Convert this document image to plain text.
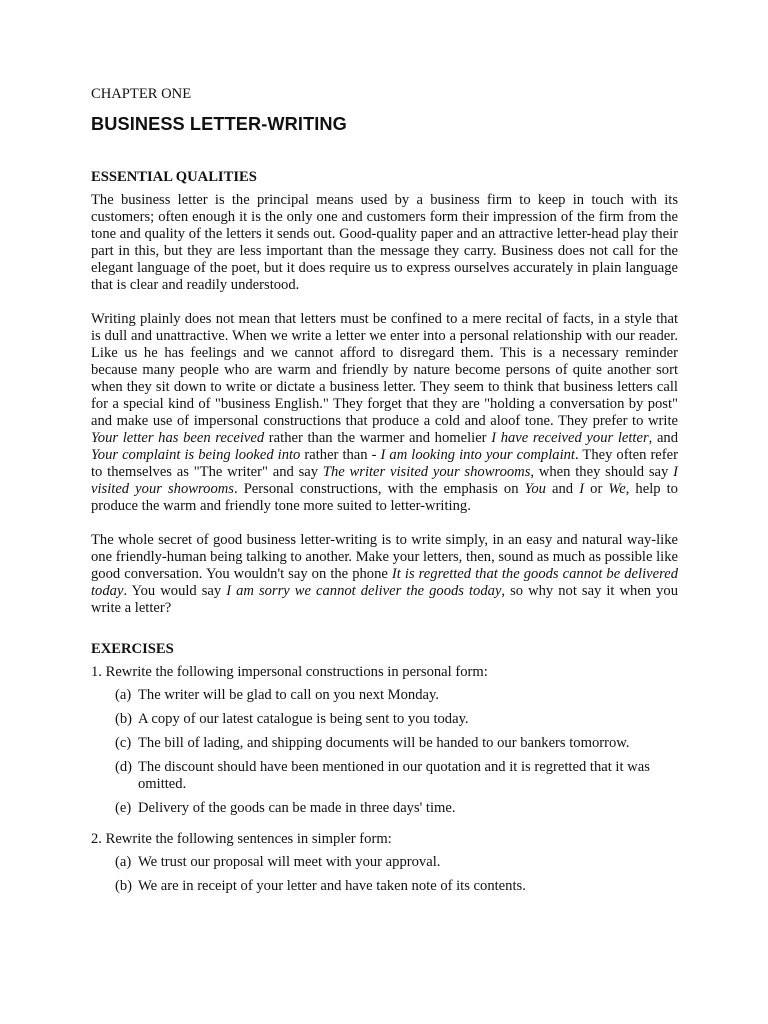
CHAPTER ONE
BUSINESS LETTER-WRITING
ESSENTIAL QUALITIES

The business letter is the principal means used by a business firm to keep in touch with its customers; often enough it is the only one and customers form their impression of the firm from the tone and quality of the letters it sends out. Good-quality paper and an attractive letter-head play their part in this, but they are less important than the message they carry. Business does not call for the elegant language of the poet, but it does require us to express ourselves accurately in plain language that is clear and readily understood.

Writing plainly does not mean that letters must be confined to a mere recital of facts, in a style that is dull and unattractive. When we write a letter we enter into a personal relationship with our reader. Like us he has feelings and we cannot afford to disregard them. This is a necessary reminder because many people who are warm and friendly by nature become persons of quite another sort when they sit down to write or dictate a business letter. They seem to think that business letters call for a special kind of "business English." They forget that they are "holding a conversation by post" and make use of impersonal constructions that produce a cold and aloof tone. They prefer to write Your letter has been received rather than the warmer and homelier I have received your letter, and Your complaint is being looked into rather than - I am looking into your complaint. They often refer to themselves as "The writer" and say The writer visited your showrooms, when they should say I visited your showrooms. Personal constructions, with the emphasis on You and I or We, help to produce the warm and friendly tone more suited to letter-writing.

The whole secret of good business letter-writing is to write simply, in an easy and natural way-like one friendly-human being talking to another. Make your letters, then, sound as much as possible like good conversation. You wouldn't say on the phone It is regretted that the goods cannot be delivered today. You would say I am sorry we cannot deliver the goods today, so why not say it when you write a letter?

EXERCISES
1. Rewrite the following impersonal constructions in personal form:
(a) The writer will be glad to call on you next Monday.
(b) A copy of our latest catalogue is being sent to you today.
(c) The bill of lading, and shipping documents will be handed to our bankers tomorrow.
(d) The discount should have been mentioned in our quotation and it is regretted that it was omitted.
(e) Delivery of the goods can be made in three days' time.
2. Rewrite the following sentences in simpler form:
(a) We trust our proposal will meet with your approval.
(b) We are in receipt of your letter and have taken note of its contents.
